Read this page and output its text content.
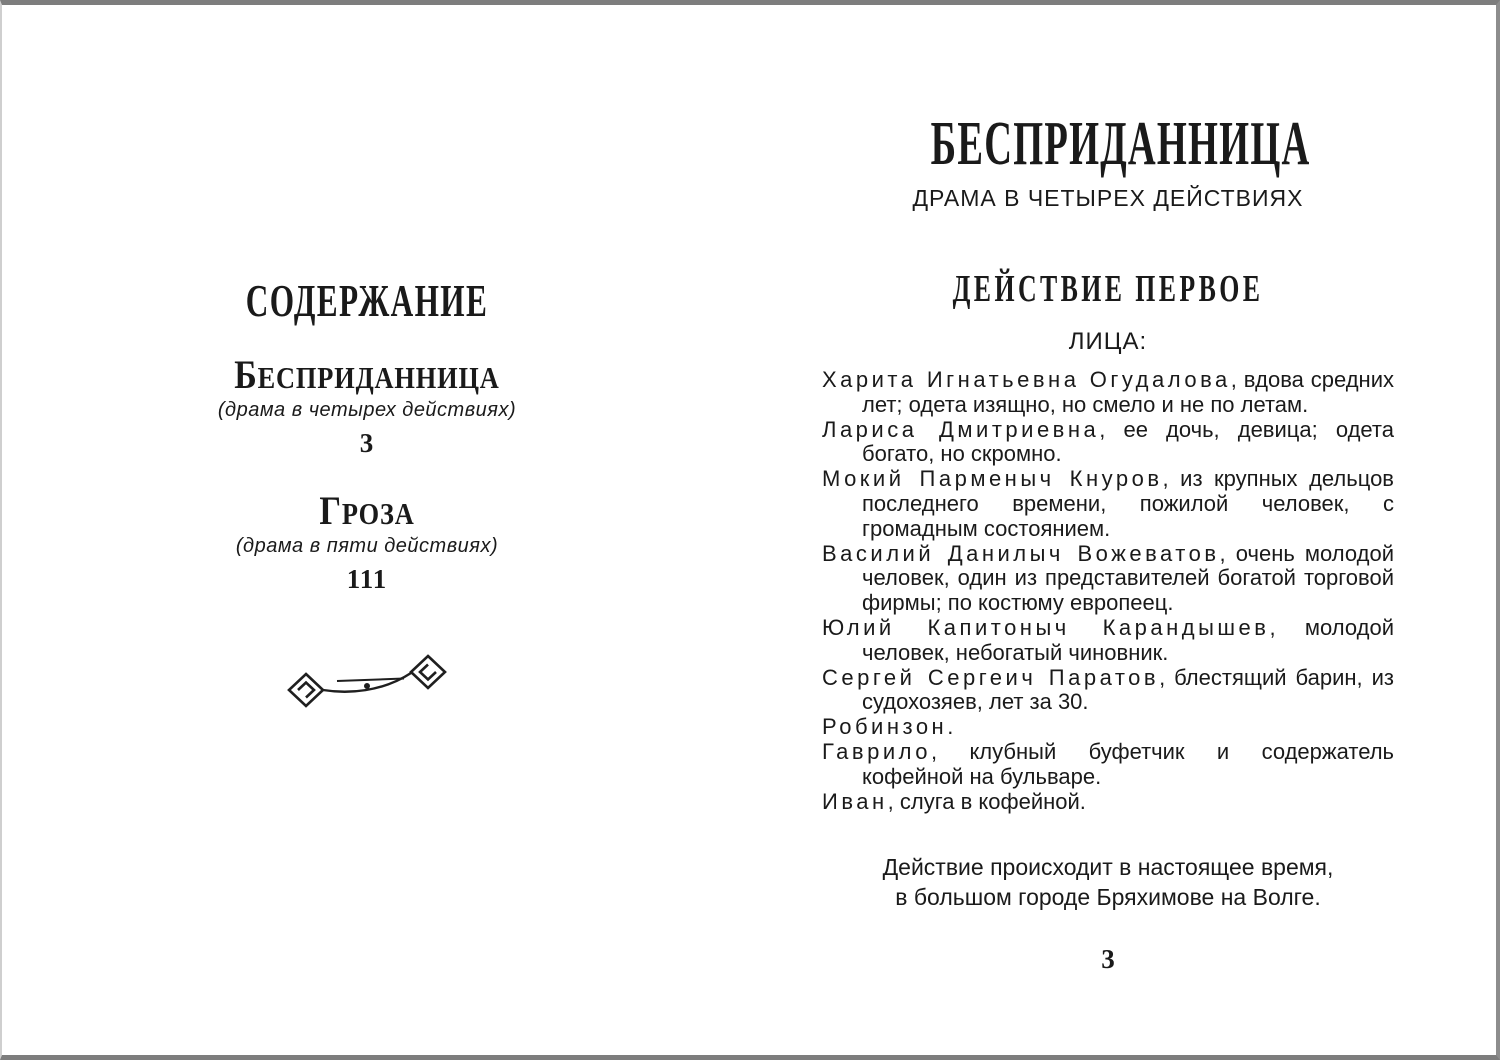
СОДЕРЖАНИЕ
БЕСПРИДАННИЦА
(драма в четырех действиях)
3
ГРОЗА
(драма в пяти действиях)
111
БЕСПРИДАННИЦА
ДРАМА В ЧЕТЫРЕХ ДЕЙСТВИЯХ
ДЕЙСТВИЕ ПЕРВОЕ
ЛИЦА:

Харита Игнатьевна Огудалова, вдова средних лет; одета изящно, но смело и не по летам.

Лариса Дмитриевна, ее дочь, девица; одета богато, но скромно.

Мокий Парменыч Кнуров, из крупных дельцов последнего времени, пожилой человек, с громадным состоянием.

Василий Данилыч Вожеватов, очень молодой человек, один из представителей богатой торговой фирмы; по костюму европеец.

Юлий Капитоныч Карандышев, молодой человек, небогатый чиновник.

Сергей Сергеич Паратов, блестящий барин, из судохозяев, лет за 30.

Робинзон.

Гаврило, клубный буфетчик и содержатель кофейной на бульваре.

Иван, слуга в кофейной.

Действие происходит в настоящее время,
в большом городе Бряхимове на Волге.
3
